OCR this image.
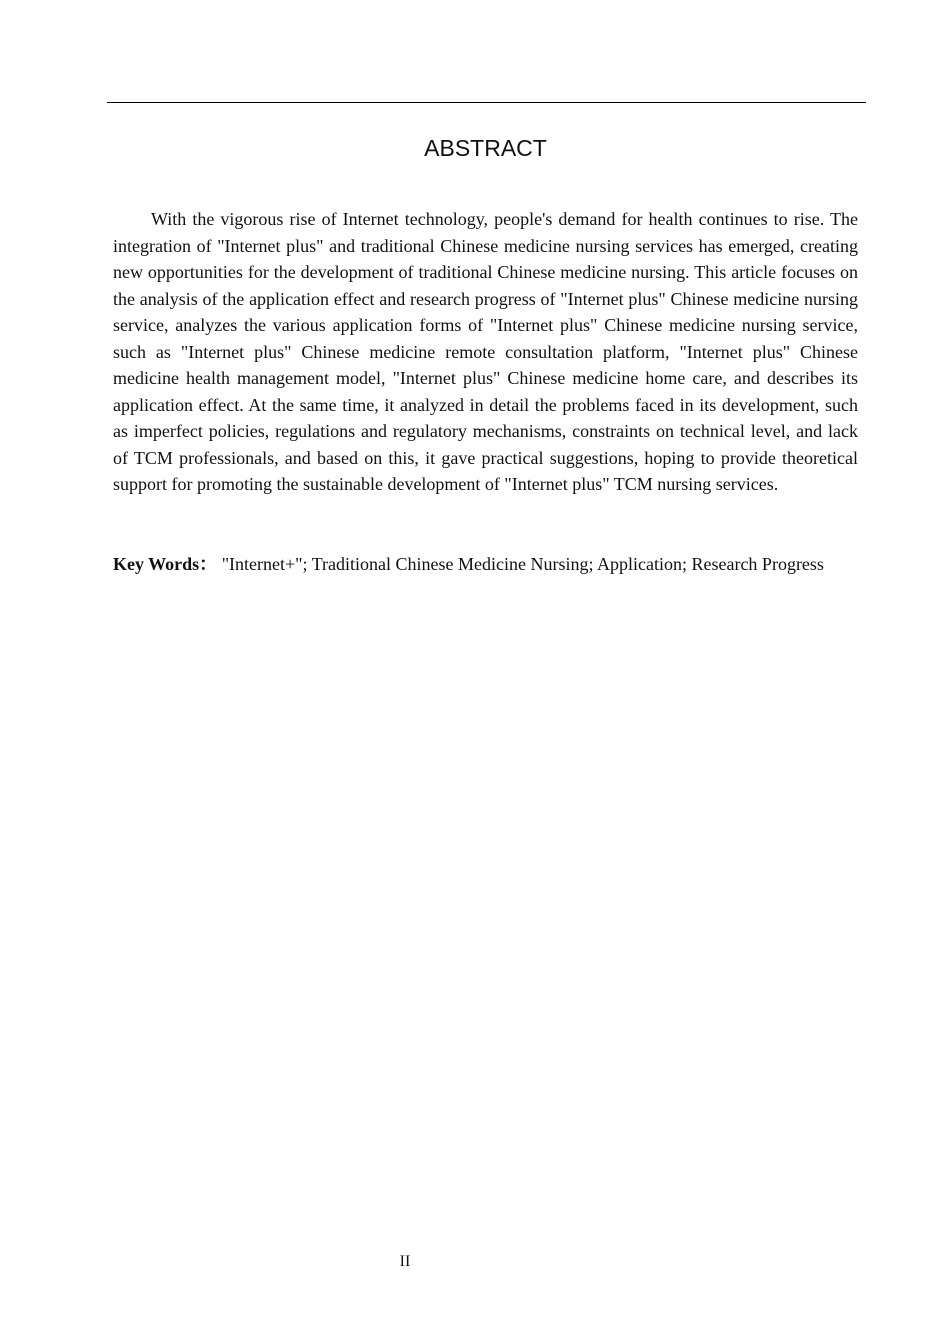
ABSTRACT

With the vigorous rise of Internet technology, people's demand for health continues to rise. The integration of "Internet plus" and traditional Chinese medicine nursing services has emerged, creating new opportunities for the development of traditional Chinese medicine nursing. This article focuses on the analysis of the application effect and research progress of "Internet plus" Chinese medicine nursing service, analyzes the various application forms of "Internet plus" Chinese medicine nursing service, such as "Internet plus" Chinese medicine remote consultation platform, "Internet plus" Chinese medicine health management model, "Internet plus" Chinese medicine home care, and describes its application effect. At the same time, it analyzed in detail the problems faced in its development, such as imperfect policies, regulations and regulatory mechanisms, constraints on technical level, and lack of TCM professionals, and based on this, it gave practical suggestions, hoping to provide theoretical support for promoting the sustainable development of "Internet plus" TCM nursing services.

Key Words： "Internet+"; Traditional Chinese Medicine Nursing; Application; Research Progress

II
